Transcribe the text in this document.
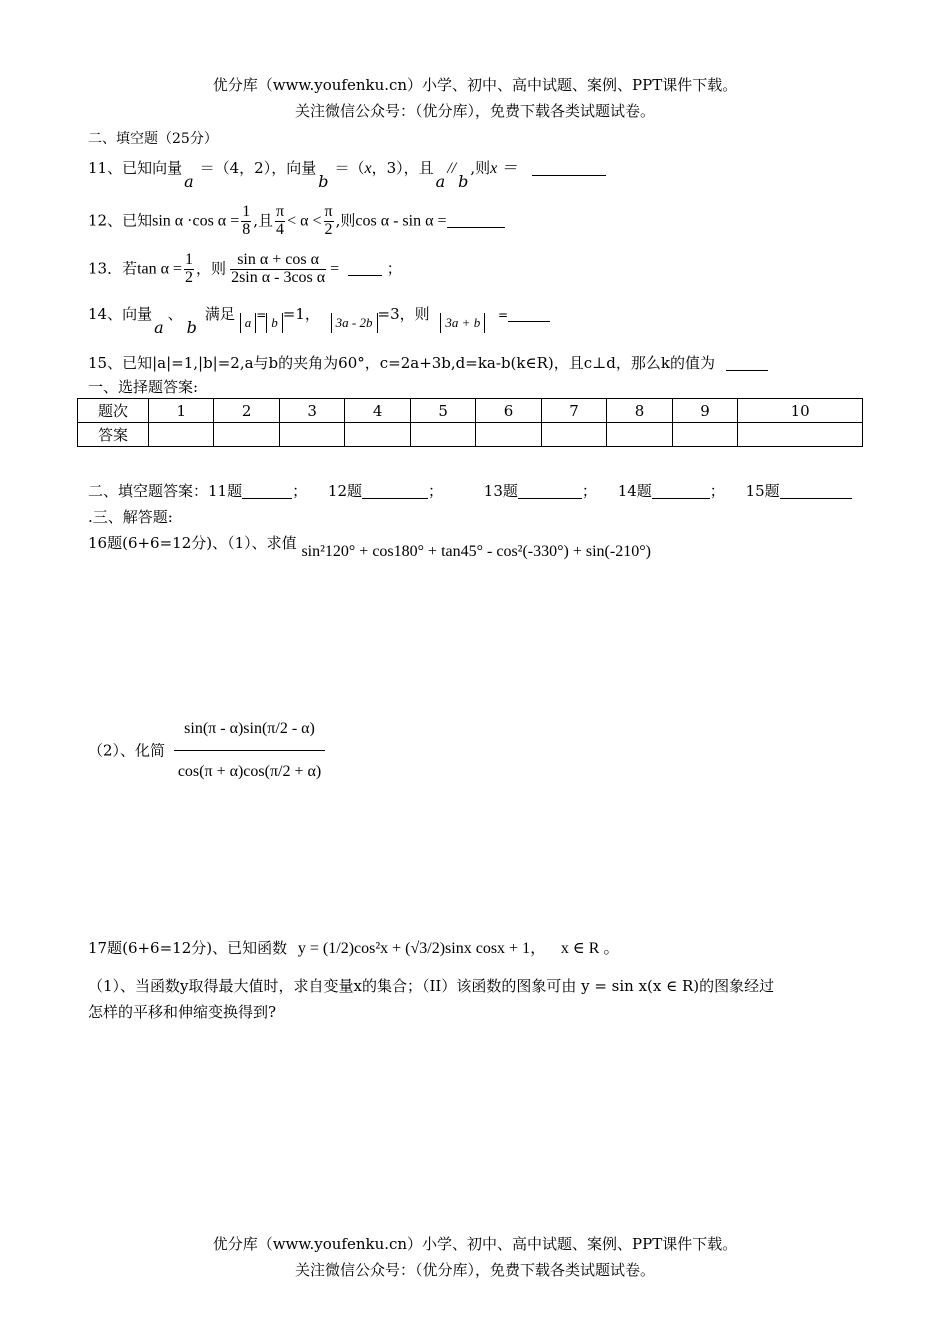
优分库（www.youfenku.cn）小学、初中、高中试题、案例、PPT课件下载。
关注微信公众号：（优分库），免费下载各类试题试卷。
二、填空题（25分）
11、已知向量a＝（4，2），向量b＝（x，3），且a//b,则x ＝
12、已知sin α ·cos $\alpha = \frac{1}{8}$ ,且 $\frac{\pi}{4} < \alpha < \frac{\pi}{2}$ ,则cos α - sin α =
13．若$\tan \alpha = \frac{1}{2}$ ，则 $\frac{\text{sin α + cos α}}{\text{2sin α - 3cos α}}$ =	；
14、向量a、b满足 a = b =1， 3a - 2b =3，则 3a + b =
15、已知|a|=1,|b|=2,a与b的夹角为60°，c=2a+3b,d=ka-b(k∈R)，且c⊥d，那么k的值为
一、选择题答案:
题次	1	2	3	4	5	6	7	8	9	10
答案										
二、填空题答案：11题	； 12题	；	13题	； 14题	； 15题
.三、解答题:
16题(6+6=12分)、（1）、求值 sin²120° + cos180° + tan45° - cos²(-330°) + sin(-210°)
（2）、化简 $\frac{\sin(\pi - \alpha)\sin(\pi/2 - \alpha)}{\cos(\pi + \alpha)\cos(\pi/2 + \alpha)}$
17题(6+6=12分)、已知函数 y = (1/2)cos²x + (√3/2)sinx cosx + 1， x ∈ R 。
（1）、当函数y取得最大值时，求自变量x的集合；（II）该函数的图象可由 y = sin x(x ∈ R)的图象经过
怎样的平移和伸缩变换得到?
优分库（www.youfenku.cn）小学、初中、高中试题、案例、PPT课件下载。
关注微信公众号：（优分库），免费下载各类试题试卷。
